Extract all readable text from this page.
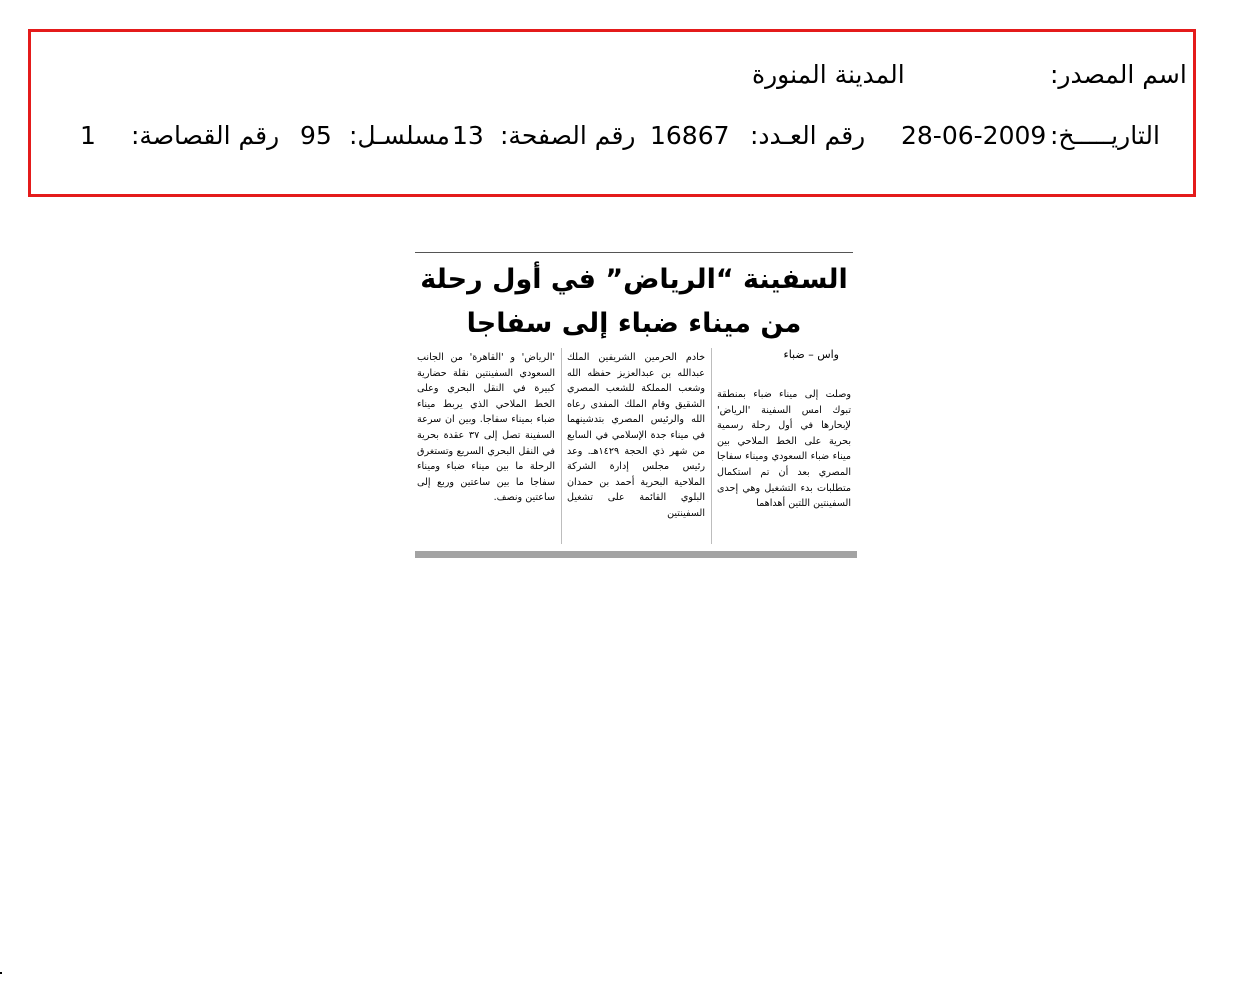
اسم المصدر:
المدينة المنورة
التاريـــــخ:
28-06-2009
رقم العـدد:
16867
رقم الصفحة:
13
مسلسـل:
95
رقم القصاصة:
1
السفينة “الرياض” في أول رحلة
من ميناء ضباء إلى سفاجا
واس – ضباء
وصلت إلى ميناء ضباء بمنطقة تبوك امس السفينة 'الرياض' لإبحارها في أول رحلة رسمية بحرية على الخط الملاحي بين ميناء ضباء السعودي وميناء سفاجا المصري بعد أن تم استكمال متطلبات بدء التشغيل وهي إحدى السفينتين اللتين أهداهما
خادم الحرمين الشريفين الملك عبدالله بن عبدالعزيز حفظه الله وشعب المملكة للشعب المصري الشقيق وقام الملك المفدى رعاه الله والرئيس المصري بتدشينهما في ميناء جدة الإسلامي في السابع من شهر ذي الحجة ١٤٢٩هـ. وعد رئيس مجلس إدارة الشركة الملاحية البحرية أحمد بن حمدان البلوي القائمة على تشغيل السفينتين
'الرياض' و 'القاهرة' من الجانب السعودي السفينتين نقلة حضارية كبيرة في النقل البحري وعلى الخط الملاحي الذي يربط ميناء ضباء بميناء سفاجا. وبين ان سرعة السفينة تصل إلى ٣٧ عقدة بحرية في النقل البحري السريع وتستغرق الرحلة ما بين ميناء ضباء وميناء سفاجا ما بين ساعتين وربع إلى ساعتين ونصف.
